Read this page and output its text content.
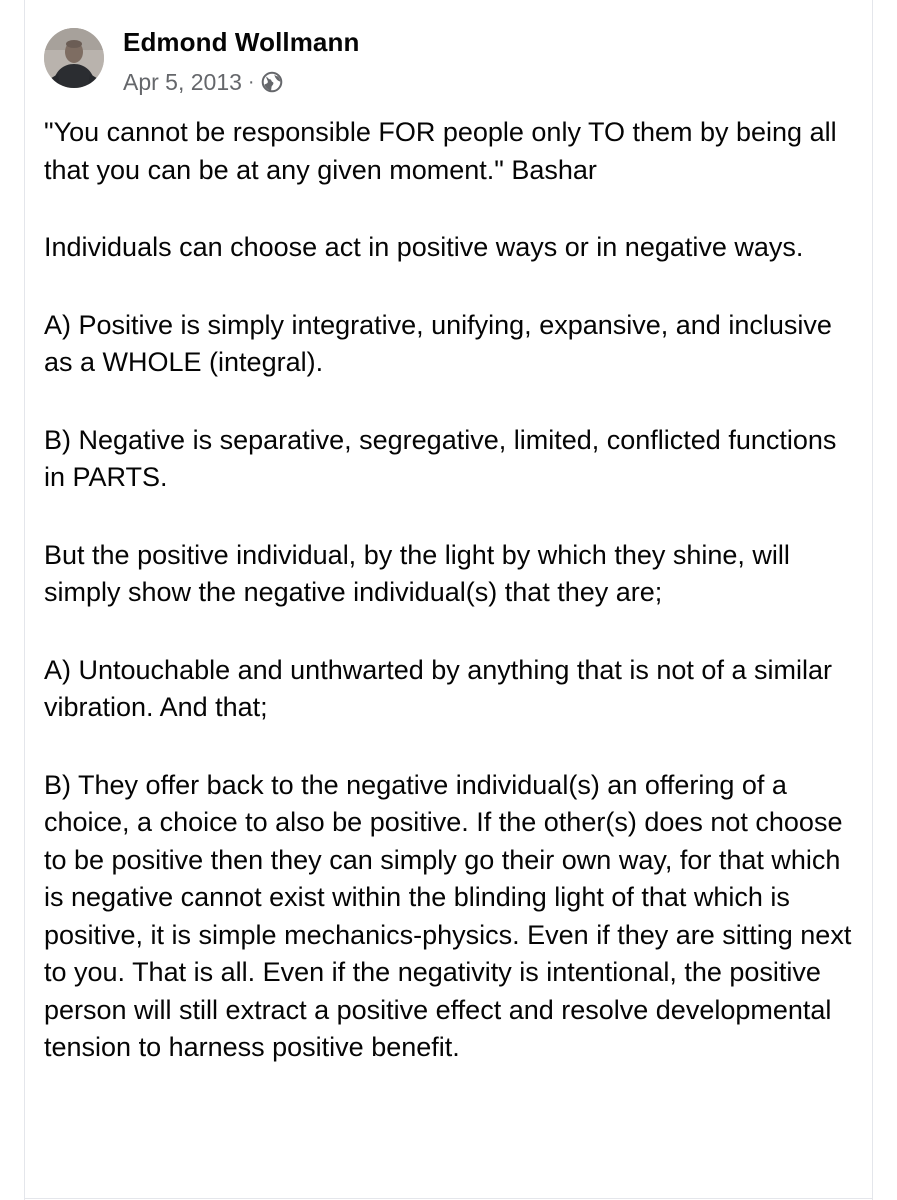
Edmond Wollmann
Apr 5, 2013 ·

"You cannot be responsible FOR people only TO them by being all that you can be at any given moment." Bashar

Individuals can choose act in positive ways or in negative ways.

A) Positive is simply integrative, unifying, expansive, and inclusive as a WHOLE (integral).

B) Negative is separative, segregative, limited, conflicted functions in PARTS.

But the positive individual, by the light by which they shine, will simply show the negative individual(s) that they are;

A) Untouchable and unthwarted by anything that is not of a similar vibration. And that;

B) They offer back to the negative individual(s) an offering of a choice, a choice to also be positive. If the other(s) does not choose to be positive then they can simply go their own way, for that which is negative cannot exist within the blinding light of that which is positive, it is simple mechanics-physics. Even if they are sitting next to you. That is all. Even if the negativity is intentional, the positive person will still extract a positive effect and resolve developmental tension to harness positive benefit.
